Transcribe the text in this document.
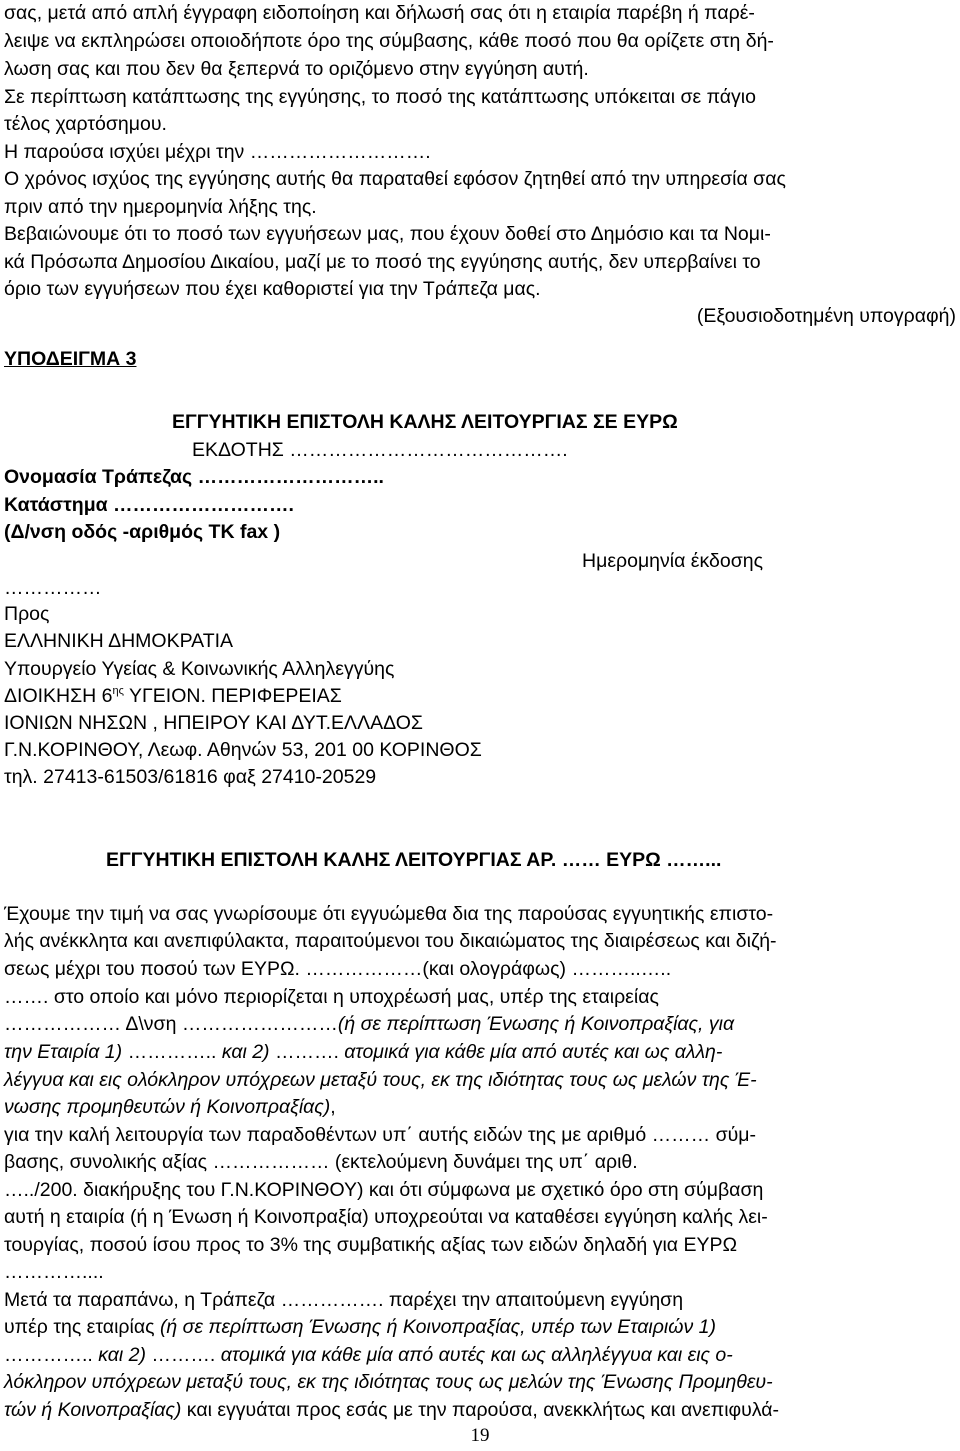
σας, μετά από απλή έγγραφη ειδοποίηση και δήλωσή σας ότι η εταιρία παρέβη ή παρέ-
λειψε να εκπληρώσει οποιοδήποτε όρο της σύμβασης, κάθε ποσό που θα ορίζετε στη δή-
λωση σας και που δεν θα ξεπερνά το οριζόμενο στην εγγύηση αυτή.
Σε περίπτωση κατάπτωσης της εγγύησης, το ποσό της κατάπτωσης υπόκειται σε πάγιο
τέλος χαρτόσημου.
Η παρούσα ισχύει μέχρι την ……………………….
Ο χρόνος ισχύος της εγγύησης αυτής θα παραταθεί εφόσον ζητηθεί από την υπηρεσία σας
πριν από την ημερομηνία λήξης της.
Βεβαιώνουμε ότι το ποσό των εγγυήσεων μας, που έχουν δοθεί στο Δημόσιο και τα Νομι-
κά Πρόσωπα Δημοσίου Δικαίου, μαζί με το ποσό της εγγύησης αυτής, δεν υπερβαίνει το
όριο των εγγυήσεων που έχει καθοριστεί για την Τράπεζα μας.
(Εξουσιοδοτημένη υπογραφή)
ΥΠΟΔΕΙΓΜΑ 3
ΕΓΓΥΗΤΙΚΗ ΕΠΙΣΤΟΛΗ ΚΑΛΗΣ ΛΕΙΤΟΥΡΓΙΑΣ ΣΕ ΕΥΡΩ
ΕΚΔΟΤΗΣ …………………………………….
Ονομασία Τράπεζας ………………………..
Κατάστημα ……………………….
(Δ/νση οδός -αριθμός ΤΚ fax )
Ημερομηνία έκδοσης
……………
Προς
ΕΛΛΗΝΙΚΗ ΔΗΜΟΚΡΑΤΙΑ
Υπουργείο Υγείας & Κοινωνικής Αλληλεγγύης
ΔΙΟΙΚΗΣΗ $6^{\eta\varsigma}$ ΥΓΕΙΟΝ. ΠΕΡΙΦΕΡΕΙΑΣ
ΙΟΝΙΩΝ ΝΗΣΩΝ , ΗΠΕΙΡΟΥ ΚΑΙ ΔΥΤ.ΕΛΛΑΔΟΣ
Γ.Ν.ΚΟΡΙΝΘΟΥ, Λεωφ. Αθηνών 53, 201 00 ΚΟΡΙΝΘΟΣ
τηλ. 27413-61503/61816 φαξ 27410-20529
ΕΓΓΥΗΤΙΚΗ ΕΠΙΣΤΟΛΗ ΚΑΛΗΣ ΛΕΙΤΟΥΡΓΙΑΣ ΑΡ. …… ΕΥΡΩ ……...
Έχουμε την τιμή να σας γνωρίσουμε ότι εγγυώμεθα δια της παρούσας εγγυητικής επιστο-
λής ανέκκλητα και ανεπιφύλακτα, παραιτούμενοι του δικαιώματος της διαιρέσεως και διζή-
σεως μέχρι του ποσού των ΕΥΡΩ. ………………(και ολογράφως) ………..…..
……. στο οποίο και μόνο περιορίζεται η υποχρέωσή μας, υπέρ της εταιρείας
……………… Δ\νση ……………………(ή σε περίπτωση Ένωσης ή Κοινοπραξίας, για
την Εταιρία 1) ………….. και 2) ………. ατομικά για κάθε μία από αυτές και ως αλλη-
λέγγυα και εις ολόκληρον υπόχρεων μεταξύ τους, εκ της ιδιότητας τους ως μελών της Έ-
νωσης προμηθευτών ή Κοινοπραξίας),
για την καλή λειτουργία των παραδοθέντων υπ΄ αυτής ειδών της με αριθμό ……… σύμ-
βασης, συνολικής αξίας ……………… (εκτελούμενη δυνάμει της υπ΄ αριθ.
…../200. διακήρυξης του Γ.Ν.ΚΟΡΙΝΘΟΥ) και ότι σύμφωνα με σχετικό όρο στη σύμβαση
αυτή η εταιρία (ή η Ένωση ή Κοινοπραξία) υποχρεούται να καταθέσει εγγύηση καλής λει-
τουργίας, ποσού ίσου προς το 3% της συμβατικής αξίας των ειδών δηλαδή για ΕΥΡΩ
…………....
Μετά τα παραπάνω, η Τράπεζα ……………. παρέχει την απαιτούμενη εγγύηση
υπέρ της εταιρίας (ή σε περίπτωση Ένωσης ή Κοινοπραξίας, υπέρ των Εταιριών 1)
………….. και 2) ………. ατομικά για κάθε μία από αυτές και ως αλληλέγγυα και εις ο-
λόκληρον υπόχρεων μεταξύ τους, εκ της ιδιότητας τους ως μελών της Ένωσης Προμηθευ-
τών ή Κοινοπραξίας) και εγγυάται προς εσάς με την παρούσα, ανεκκλήτως και ανεπιφυλά-
19
